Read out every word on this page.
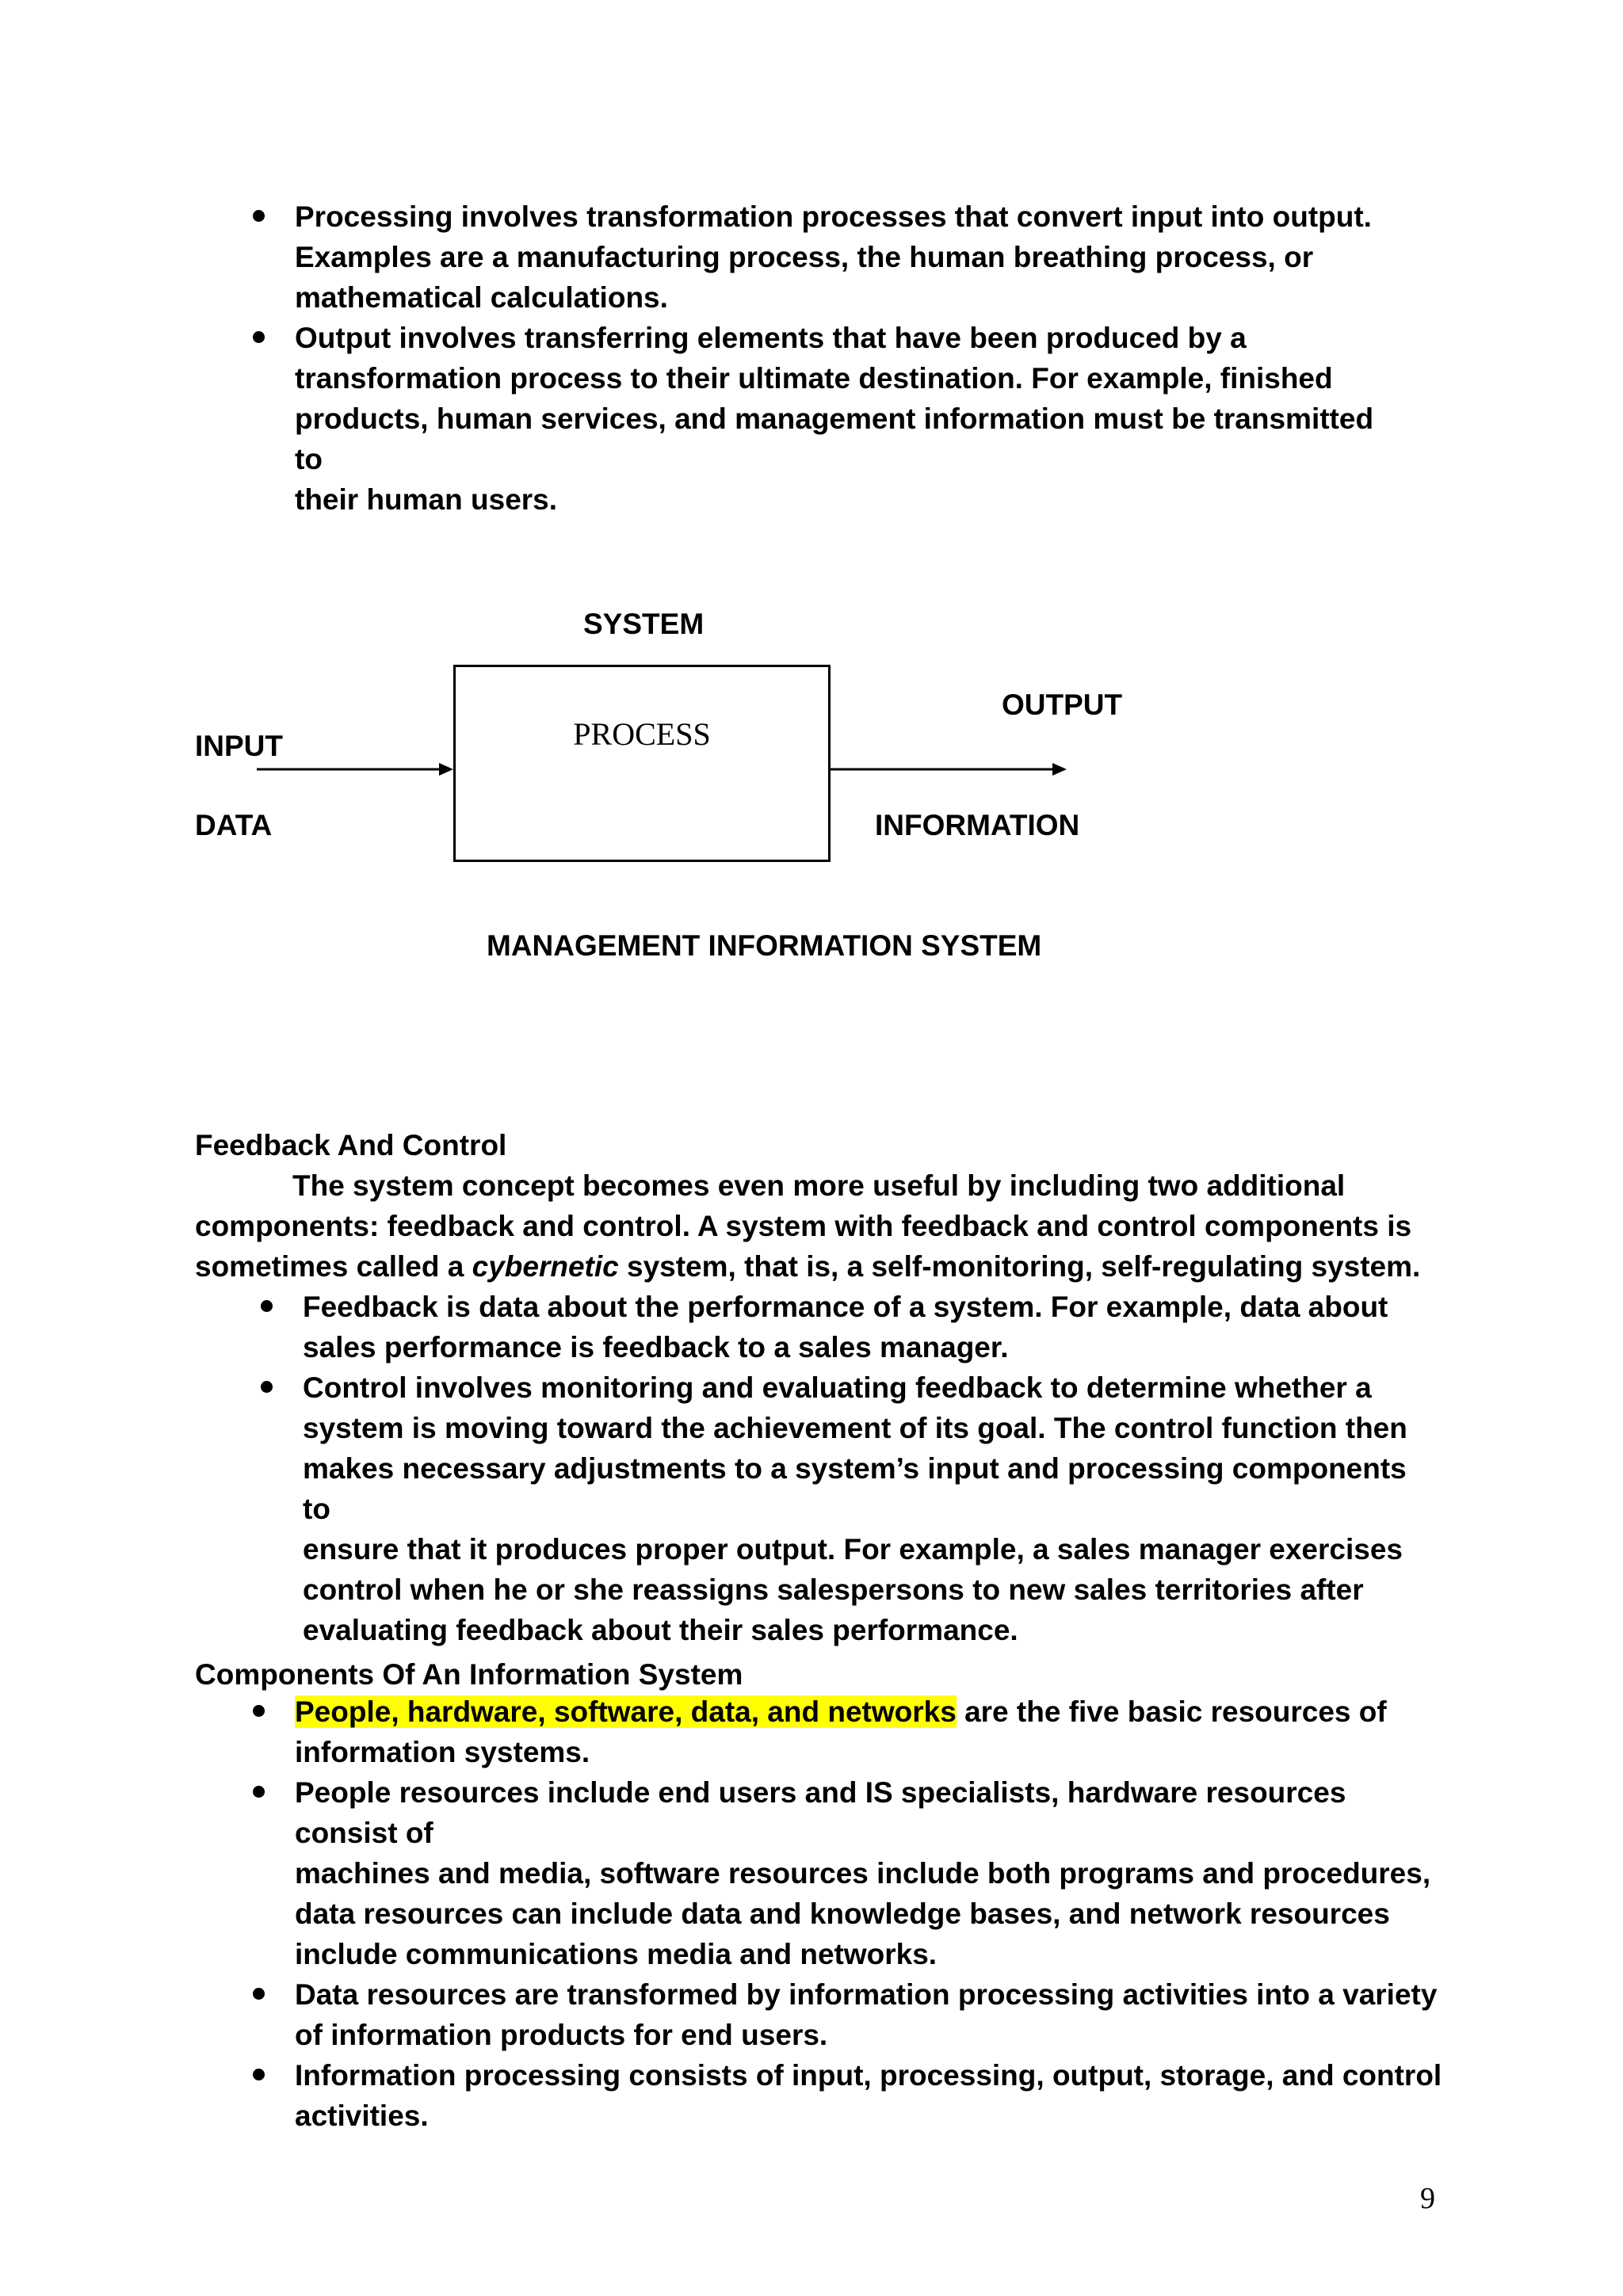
Processing involves transformation processes that convert input into output.
Examples are a manufacturing process, the human breathing process, or
mathematical calculations.
Output involves transferring elements that have been produced by a
transformation process to their ultimate destination. For example, finished
products, human services, and management information must be transmitted to
their human users.
SYSTEM
PROCESS
INPUT
DATA
OUTPUT
INFORMATION
MANAGEMENT INFORMATION SYSTEM
Feedback And Control
The system concept becomes even more useful by including two additional
components: feedback and control. A system with feedback and control components is
sometimes called a cybernetic system, that is, a self-monitoring, self-regulating system.
Feedback is data about the performance of a system. For example, data about
sales performance is feedback to a sales manager.
Control involves monitoring and evaluating feedback to determine whether a
system is moving toward the achievement of its goal. The control function then
makes necessary adjustments to a system’s input and processing components to
ensure that it produces proper output. For example, a sales manager exercises
control when he or she reassigns salespersons to new sales territories after
evaluating feedback about their sales performance.
Components Of An Information System
People, hardware, software, data, and networks are the five basic resources of
information systems.
People resources include end users and IS specialists, hardware resources consist of
machines and media, software resources include both programs and procedures,
data resources can include data and knowledge bases, and network resources
include communications media and networks.
Data resources are transformed by information processing activities into a variety
of information products for end users.
Information processing consists of input, processing, output, storage, and control
activities.
9
